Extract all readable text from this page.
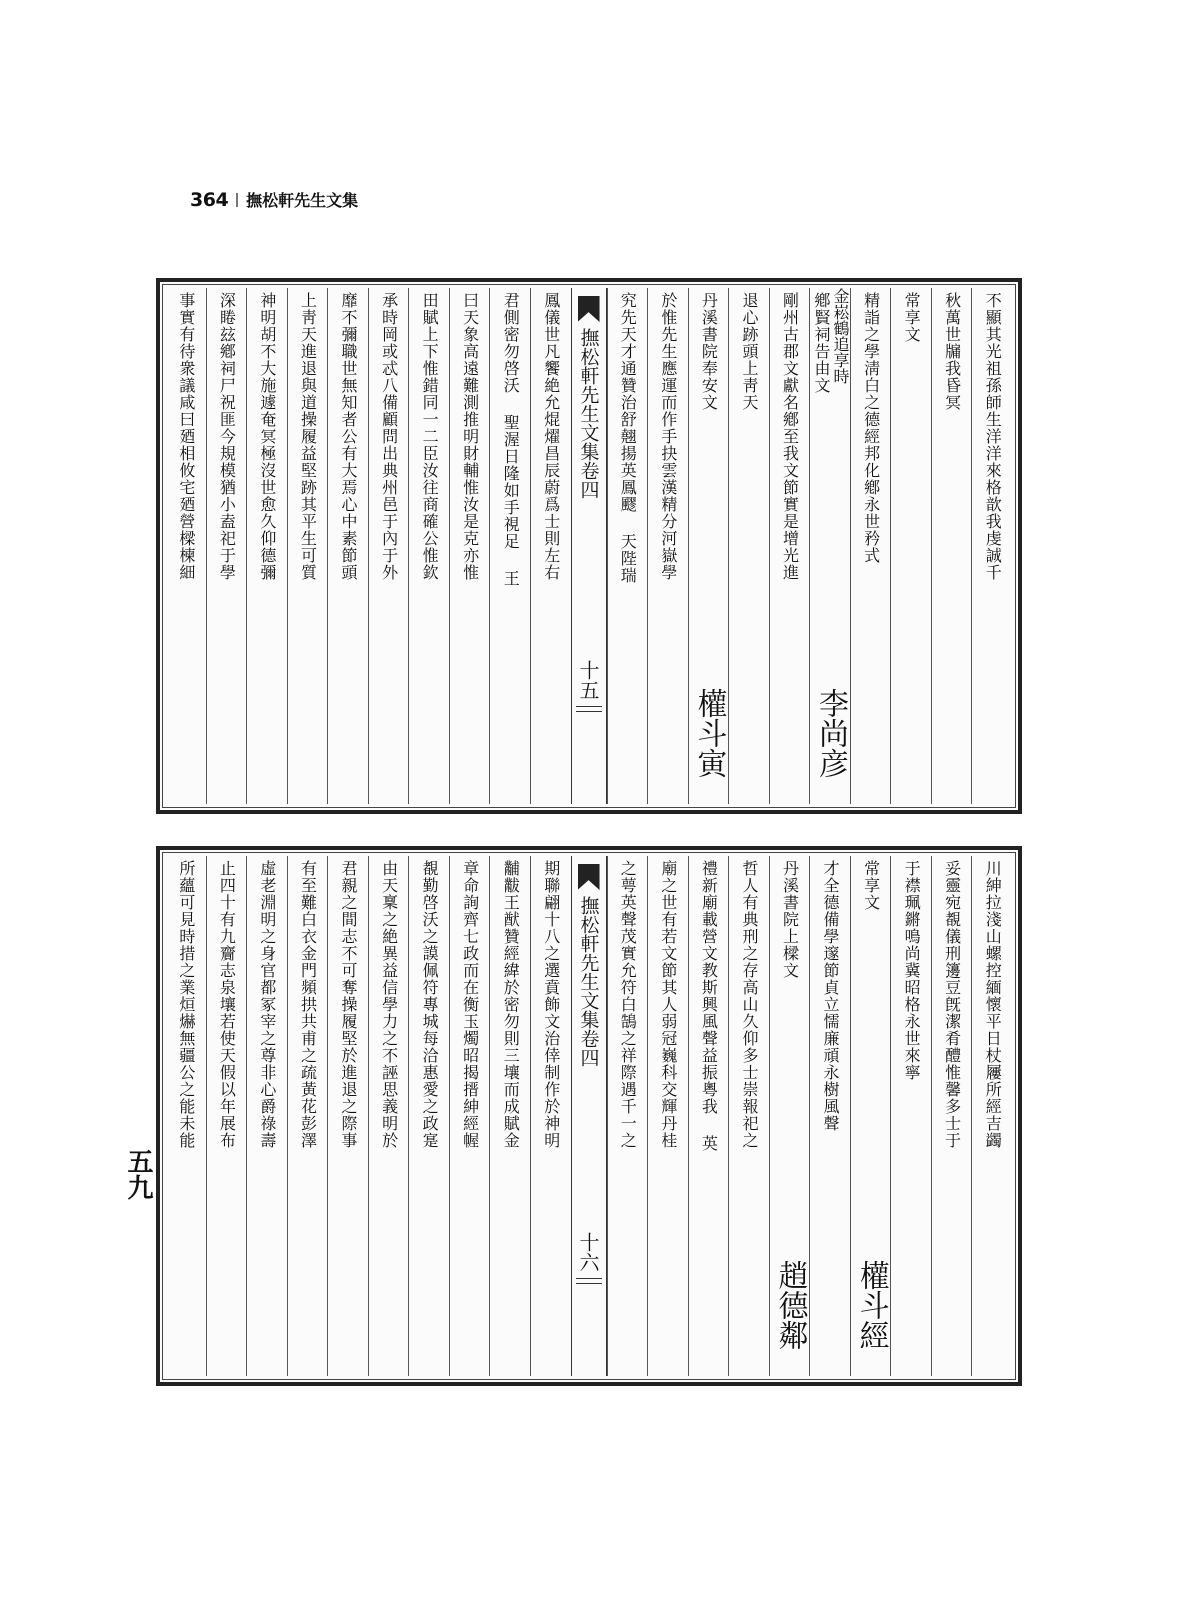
364 撫松軒先生文集
不顯其光祖孫師生洋洋來格歆我虔誠千
秋萬世牖我昏冥
常享文
精詣之學淸白之德經邦化鄕永世矜式
鄕賢祠告由文 金崧鶴追享時
李尚彦
剛州古郡文獻名鄕至我文節實是增光進
退心跡頭上靑天
丹溪書院奉安文
權斗寅
於惟先生應運而作手抉雲漢精分河嶽學
究先天才通贊治舒翹揚英鳳飂 天陛瑞
撫松軒先生文集卷四
十五
鳳儀世凡饗絶允焜燿昌辰蔚爲士則左右
君側密勿啓沃 聖渥日隆如手視足 王
曰天象高遠難測推明財輔惟汝是克亦惟
田賦上下惟錯同一二臣汝往商確公惟欽
承時岡或忒八備顧問出典州邑于內于外
靡不彌職世無知者公有大焉心中素節頭
上靑天進退與道操履益堅跡其平生可質
神明胡不大施遽奄冥極沒世愈久仰德彌
深睠玆鄕祠尸祝匪今規模猶小盍祀于學
事實有待衆議咸曰廼相攸宅廼營樑楝細
川紳拉淺山螺控緬懷平日杖屨所經吉蠲
妥靈宛覩儀刑籩豆旣潔肴醴惟馨多士于
于襟珮鏘鳴尚冀昭格永世來寧
常享文
權斗經
才全德備學邃節貞立懦廉頑永樹風聲
丹溪書院上樑文
趙德鄰
哲人有典刑之存高山久仰多士崇報祀之
禮新廟載營文教斯興風聲益振粵我 英
廟之世有若文節其人弱冠巍科交輝丹桂
之萼英聲茂實允符白鵠之祥際遇千一之
撫松軒先生文集卷四
十六
期聯翩十八之選賁飾文治倖制作於神明
黼黻王猷贊經緯於密勿則三壤而成賦金
章命詢齊七政而在衡玉燭昭揭搢紳經幄
覩勤啓沃之謨佩符專城每洽惠愛之政寔
由天稟之絶異益信學力之不誣思義明於
君親之間志不可奪操履堅於進退之際事
有至難白衣金門頻拱共甫之疏黃花彭澤
虛老淵明之身官都冢宰之尊非心爵祿壽
止四十有九齎志泉壤若使天假以年展布
所蘊可見時措之業烜爀無疆公之能未能
五九
